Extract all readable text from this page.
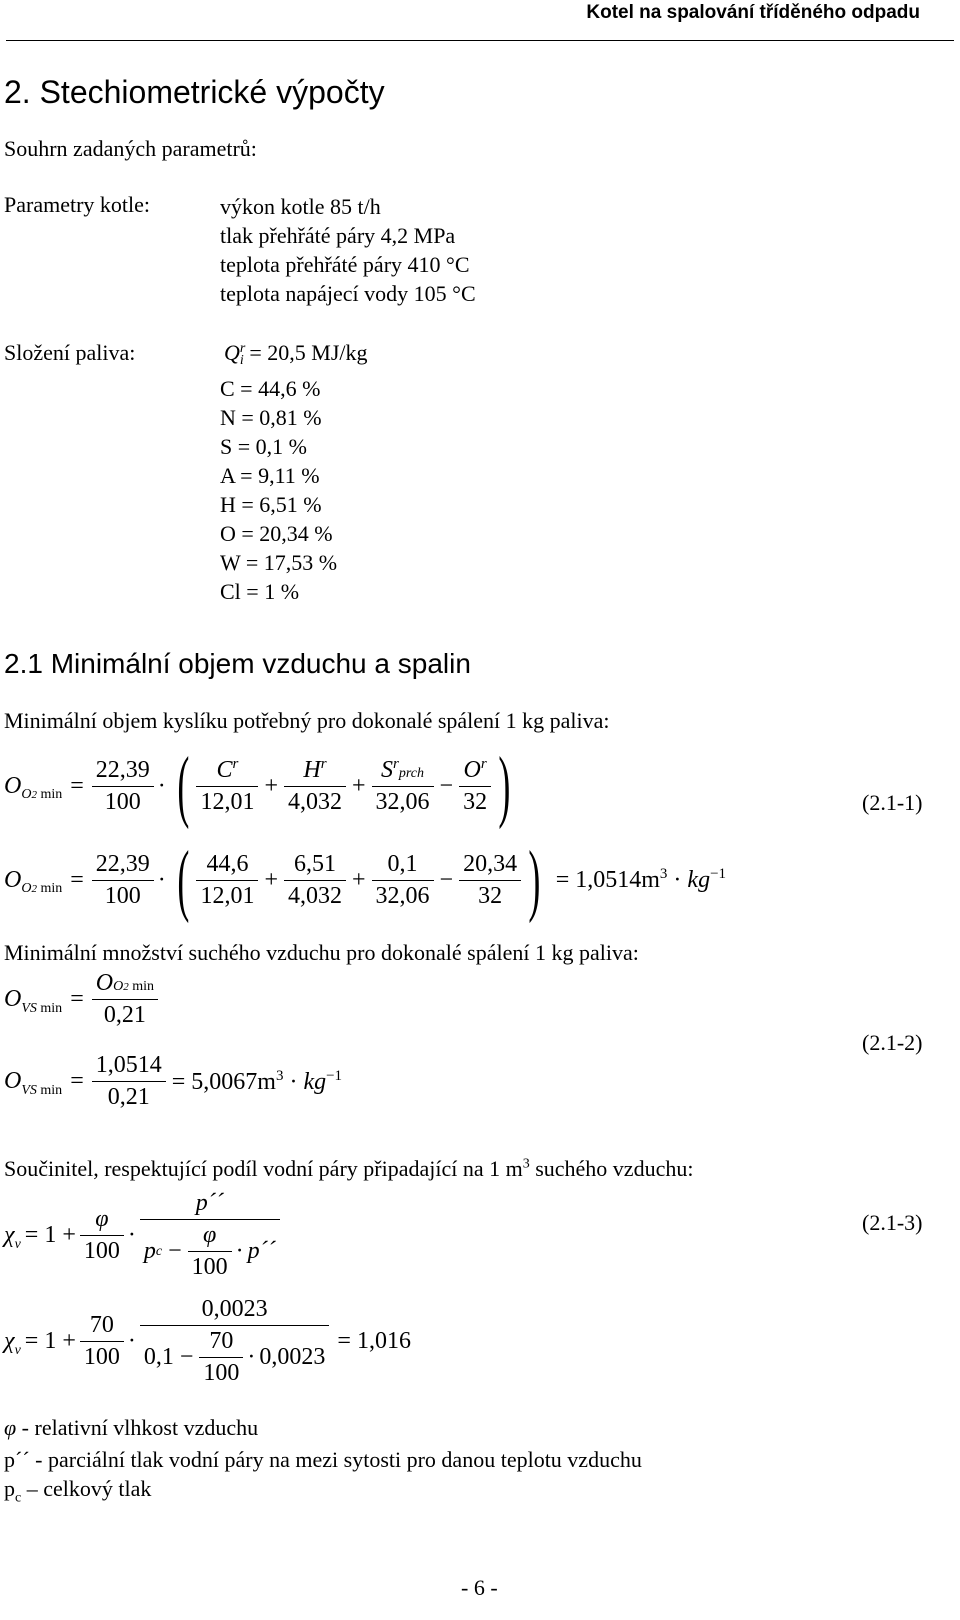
Kotel na spalování tříděného odpadu
2. Stechiometrické výpočty
Souhrn zadaných parametrů:
Parametry kotle:	výkon kotle 85 t/h
tlak přehřáté páry 4,2 MPa
teplota přehřáté páry 410 °C
teplota napájecí vody 105 °C
Složení paliva:	Q r
i = 20,5 MJ/kg
C = 44,6 %
N = 0,81 %
S = 0,1 %
A = 9,11 %
H = 6,51 %
O = 20,34 %
W = 17,53 %
Cl = 1 %
2.1 Minimální objem vzduchu a spalin
Minimální objem kyslíku potřebný pro dokonalé spálení 1 kg paliva:
O O2 $\min = \frac{22,39}{100}$ · ( $\frac{C^r}{12,01} + \frac{H^r}{4,032} + \frac{S^rprch}{32,06} - \frac{O^r}{32}$ )	(2.1-1)
O O2 $\min = \frac{22,39}{100}$ · ( $\frac{44,6}{12,01} + \frac{6,51}{4,032} + \frac{0,1}{32,06} - \frac{20,34}{32}$ ) = $1,0514m^3 \cdot kg^{-1}$
Minimální množství suchého vzduchu pro dokonalé spálení 1 kg paliva:
O VS $\min = \frac{OO2 \min}{0,21}$
(2.1-2)
O VS $\min = \frac{1,0514}{0,21} = 5,0067m^3 \cdot kg^{-1}$
Součinitel, respektující podíl vodní páry připadající na 1 $m^3$ suchého vzduchu:
χ $v = 1 + \frac{\varphi}{100} \cdot \frac{p´´}{p c - \frac{\varphi}{100} \cdot p´´}$	(2.1-3)
χ $v = 1 + \frac{70}{100} \cdot \frac{0,0023}{0,1 - \frac{70}{100} \cdot 0,0023} = 1,016$
φ - relativní vlhkost vzduchu
p´´ - parciální tlak vodní páry na mezi sytosti pro danou teplotu vzduchu
$p_c$ – celkový tlak
- 6 -
